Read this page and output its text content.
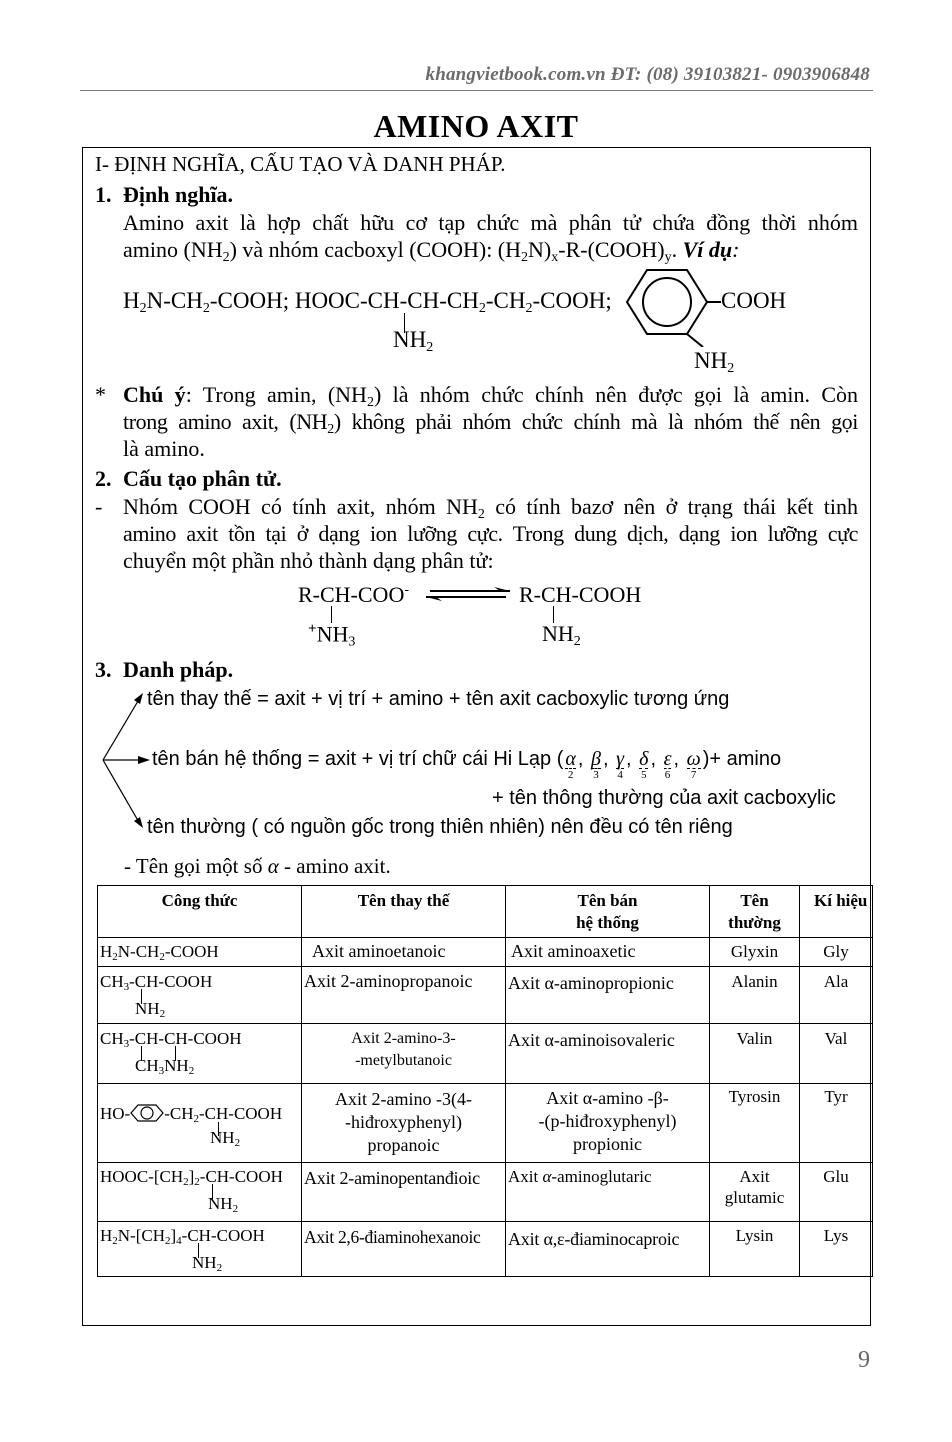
khangvietbook.com.vn ĐT: (08) 39103821- 0903906848
AMINO AXIT
I- ĐỊNH NGHĨA, CẤU TẠO VÀ DANH PHÁP.
1. Định nghĩa.
Amino axit là hợp chất hữu cơ tạp chức mà phân tử chứa đồng thời nhóm
amino $(NH_2)$ và nhóm cacboxyl (COOH): $(H_2N)_x-R-(COOH)_y$. Ví dụ:
$H_2N-CH_2$-COOH; HOOC-$CH-CH-CH_2-CH_2$-COOH;
$NH_2$
COOH
$NH_2$
* Chú ý: Trong amin, $(NH_2)$ là nhóm chức chính nên được gọi là amin. Còn
trong amino axit, $(NH_2)$ không phải nhóm chức chính mà là nhóm thế nên gọi
là amino.
2. Cấu tạo phân tử.
- Nhóm COOH có tính axit, nhóm $NH_2$ có tính bazơ nên ở trạng thái kết tinh
amino axit tồn tại ở dạng ion lưỡng cực. Trong dung dịch, dạng ion lưỡng cực
chuyển một phần nhỏ thành dạng phân tử:
R-CH-COO-
$^+NH_3$
R-CH-COOH
$NH_2$
3. Danh pháp.
tên thay thế = axit + vị trí + amino + tên axit cacboxylic tương ứng
tên bán hệ thống = axit + vị trí chữ cái Hi Lạp ( α
2
, β
3
, γ
4
, δ
5
, ε
6
, ω
7
)+ amino
+ tên thông thường của axit cacboxylic
tên thường ( có nguồn gốc trong thiên nhiên) nên đều có tên riêng
- Tên gọi một số α - amino axit.
Công thức	Tên thay thế	Tên bán
hệ thống	Tên
thường	Kí hiệu
H2N-CH2-COOH	Axit aminoetanoic	Axit aminoaxetic	Glyxin	Gly

CH3-CH-COOH
NH2	Axit 2-aminopropanoic	Axit α-aminopropionic	Alanin	Ala

CH3-CH-CH-COOH
CH3NH2	Axit 2-amino-3-
-metylbutanoic	Axit α-aminoisovaleric	Valin	Val

HO- -CH2-CH-COOH
NH2	Axit 2-amino -3(4-
-hiđroxyphenyl)
propanoic	Axit α-amino -β-
-(p-hiđroxyphenyl)
propionic	Tyrosin	Tyr

HOOC-[CH2]2-CH-COOH
NH2	Axit 2-aminopentanđioic	Axit α-aminoglutaric	Axit
glutamic	Glu

H2N-[CH2]4-CH-COOH
NH2	Axit 2,6-điaminohexanoic	Axit α,ε-điaminocaproic	Lysin	Lys
9
